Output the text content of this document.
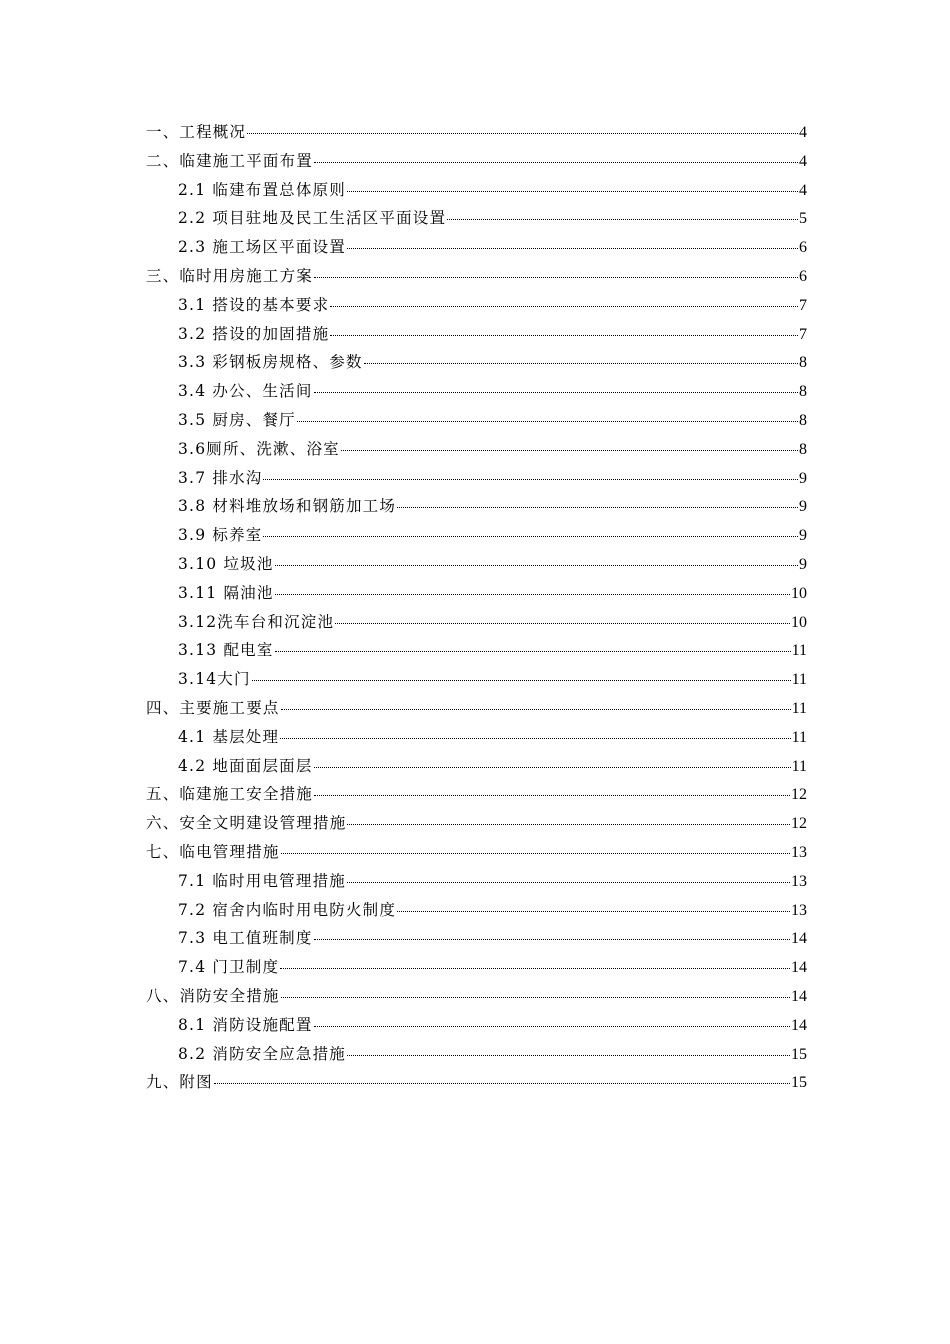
一、工程概况	4
二、临建施工平面布置	4
2.1 临建布置总体原则	4
2.2 项目驻地及民工生活区平面设置	5
2.3 施工场区平面设置	6
三、临时用房施工方案	6
3.1 搭设的基本要求	7
3.2 搭设的加固措施	7
3.3 彩钢板房规格、参数	8
3.4 办公、生活间	8
3.5 厨房、餐厅	8
3.6厕所、洗漱、浴室	8
3.7 排水沟	9
3.8 材料堆放场和钢筋加工场	9
3.9 标养室	9
3.10 垃圾池	9
3.11 隔油池	10
3.12洗车台和沉淀池	10
3.13 配电室	11
3.14大门	11
四、主要施工要点	11
4.1 基层处理	11
4.2 地面面层面层	11
五、临建施工安全措施	12
六、安全文明建设管理措施	12
七、临电管理措施	13
7.1 临时用电管理措施	13
7.2 宿舍内临时用电防火制度	13
7.3 电工值班制度	14
7.4 门卫制度	14
八、消防安全措施	14
8.1 消防设施配置	14
8.2 消防安全应急措施	15
九、附图	15
